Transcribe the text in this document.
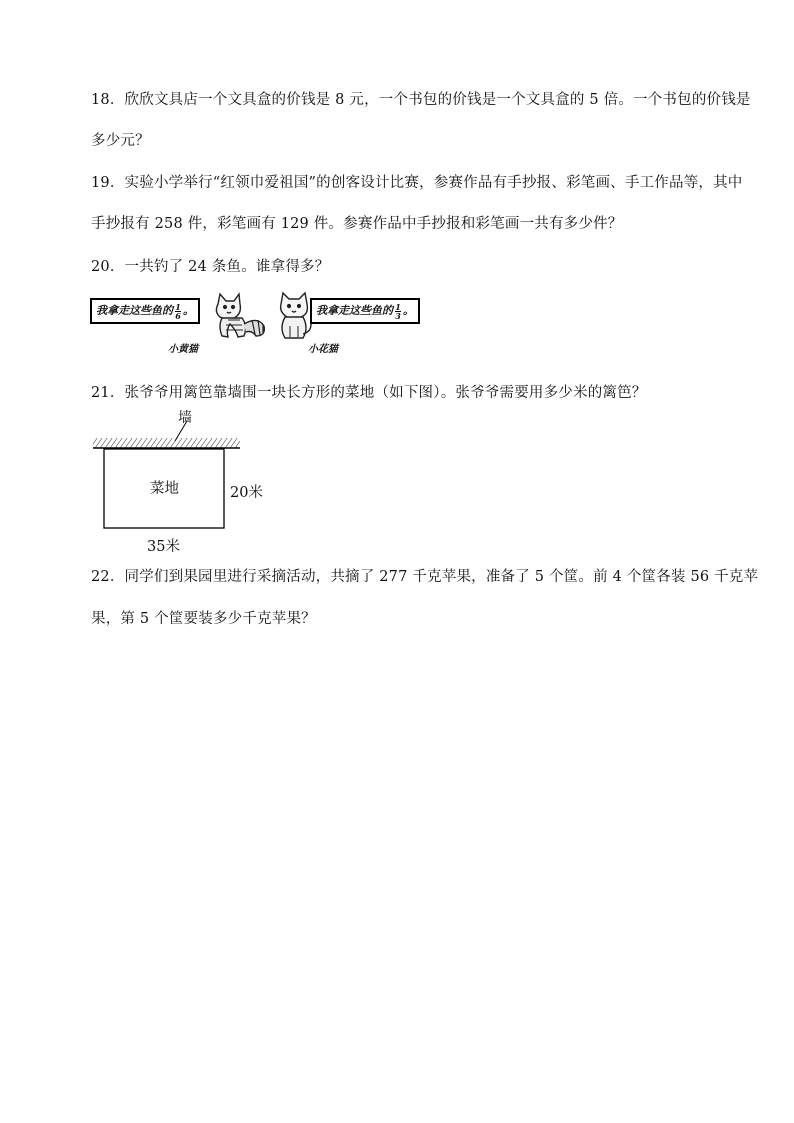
18．欣欣文具店一个文具盒的价钱是 8 元，一个书包的价钱是一个文具盒的 5 倍。一个书包的价钱是
多少元？
19．实验小学举行“红领巾爱祖国”的创客设计比赛，参赛作品有手抄报、彩笔画、手工作品等，其中
手抄报有 258 件，彩笔画有 129 件。参赛作品中手抄报和彩笔画一共有多少件？
20．一共钓了 24 条鱼。谁拿得多？
我拿走这些鱼的 $\frac{1}{6}$ 。	我拿走这些鱼的 $\frac{1}{3}$ 。
小黄猫	小花猫
21．张爷爷用篱笆靠墙围一块长方形的菜地（如下图）。张爷爷需要用多少米的篱笆？
墙
菜地	20米
35米
22．同学们到果园里进行采摘活动，共摘了 277 千克苹果，准备了 5 个筐。前 4 个筐各装 56 千克苹
果，第 5 个筐要装多少千克苹果？
